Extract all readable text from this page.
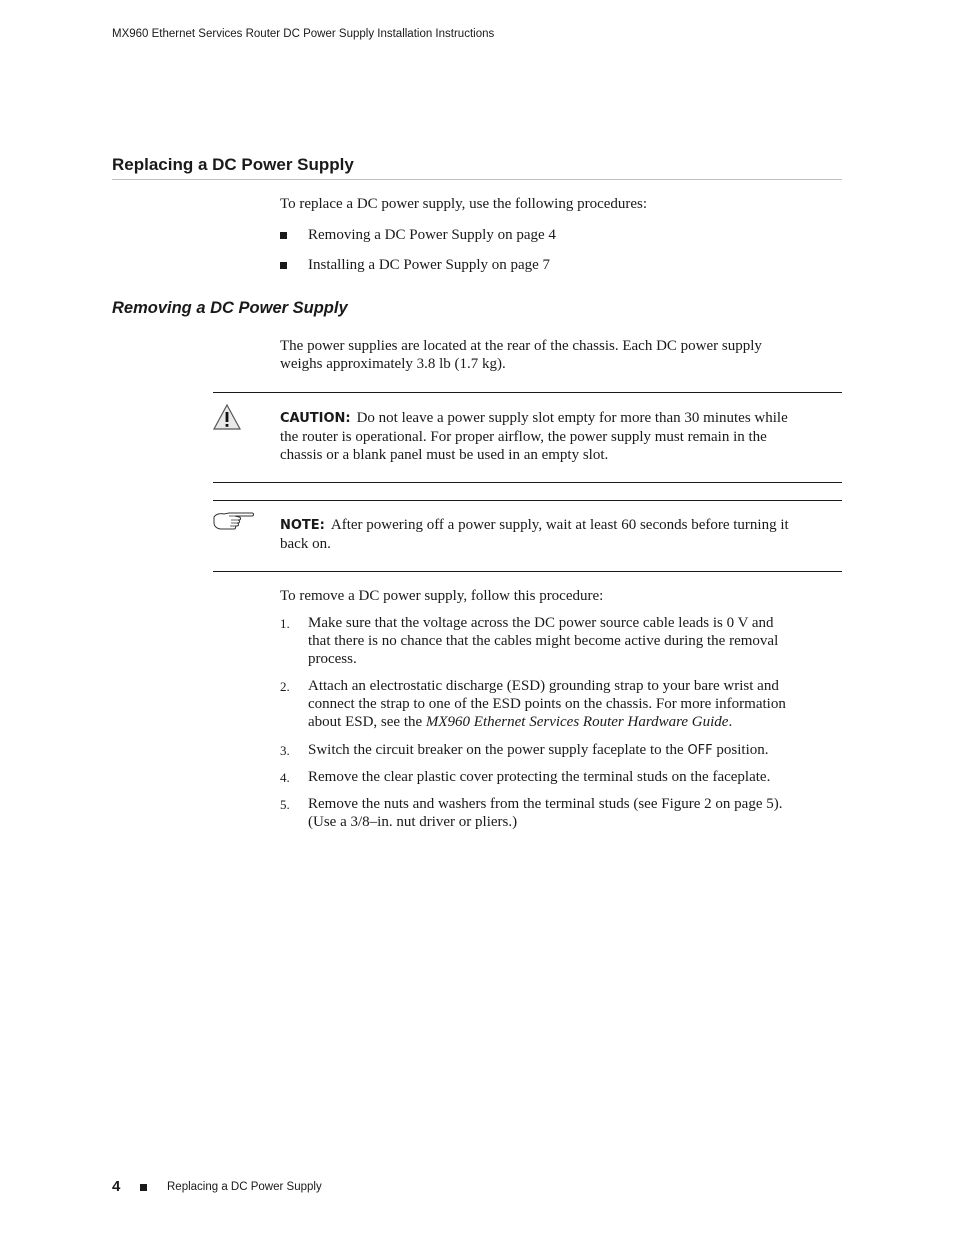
MX960 Ethernet Services Router DC Power Supply Installation Instructions
Replacing a DC Power Supply
To replace a DC power supply, use the following procedures:
Removing a DC Power Supply on page 4
Installing a DC Power Supply on page 7
Removing a DC Power Supply
The power supplies are located at the rear of the chassis. Each DC power supply
weighs approximately 3.8 lb (1.7 kg).
CAUTION: Do not leave a power supply slot empty for more than 30 minutes while
the router is operational. For proper airflow, the power supply must remain in the
chassis or a blank panel must be used in an empty slot.
NOTE: After powering off a power supply, wait at least 60 seconds before turning it
back on.
To remove a DC power supply, follow this procedure:
1.	Make sure that the voltage across the DC power source cable leads is 0 V and
that there is no chance that the cables might become active during the removal
process.
2.	Attach an electrostatic discharge (ESD) grounding strap to your bare wrist and
connect the strap to one of the ESD points on the chassis. For more information
about ESD, see the MX960 Ethernet Services Router Hardware Guide.
3.	Switch the circuit breaker on the power supply faceplate to the OFF position.
4.	Remove the clear plastic cover protecting the terminal studs on the faceplate.
5.	Remove the nuts and washers from the terminal studs (see Figure 2 on page 5).
(Use a 3/8–in. nut driver or pliers.)
4	Replacing a DC Power Supply
